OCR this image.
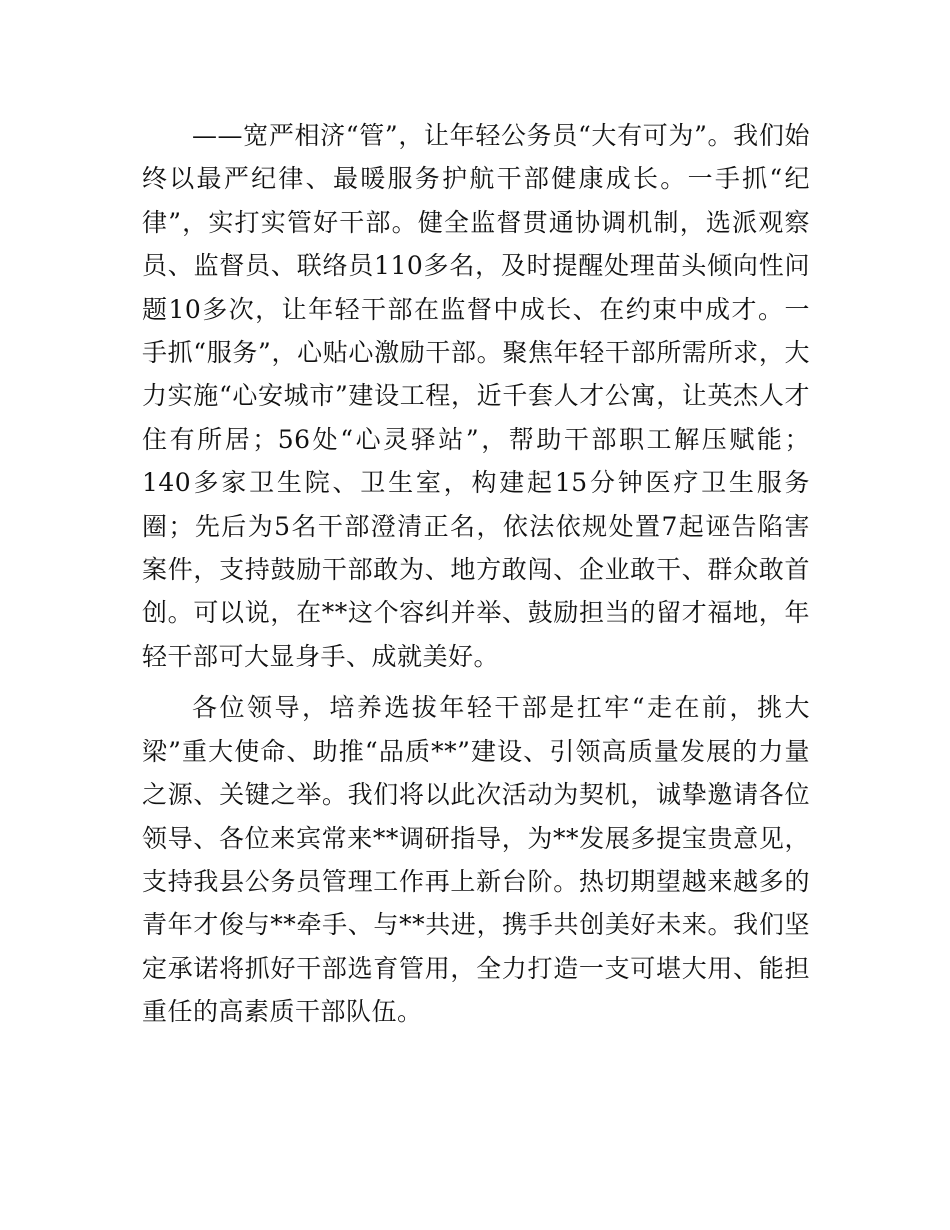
——宽严相济“管”，让年轻公务员“大有可为”。我们始终以最严纪律、最暖服务护航干部健康成长。一手抓“纪律”，实打实管好干部。健全监督贯通协调机制，选派观察员、监督员、联络员110多名，及时提醒处理苗头倾向性问题10多次，让年轻干部在监督中成长、在约束中成才。一手抓“服务”，心贴心激励干部。聚焦年轻干部所需所求，大力实施“心安城市”建设工程，近千套人才公寓，让英杰人才住有所居；56处“心灵驿站”，帮助干部职工解压赋能；140多家卫生院、卫生室，构建起15分钟医疗卫生服务圈；先后为5名干部澄清正名，依法依规处置7起诬告陷害案件，支持鼓励干部敢为、地方敢闯、企业敢干、群众敢首创。可以说，在**这个容纠并举、鼓励担当的留才福地，年轻干部可大显身手、成就美好。

各位领导，培养选拔年轻干部是扛牢“走在前，挑大梁”重大使命、助推“品质**”建设、引领高质量发展的力量之源、关键之举。我们将以此次活动为契机，诚挚邀请各位领导、各位来宾常来**调研指导，为**发展多提宝贵意见，支持我县公务员管理工作再上新台阶。热切期望越来越多的青年才俊与**牵手、与**共进，携手共创美好未来。我们坚定承诺将抓好干部选育管用，全力打造一支可堪大用、能担重任的高素质干部队伍。
